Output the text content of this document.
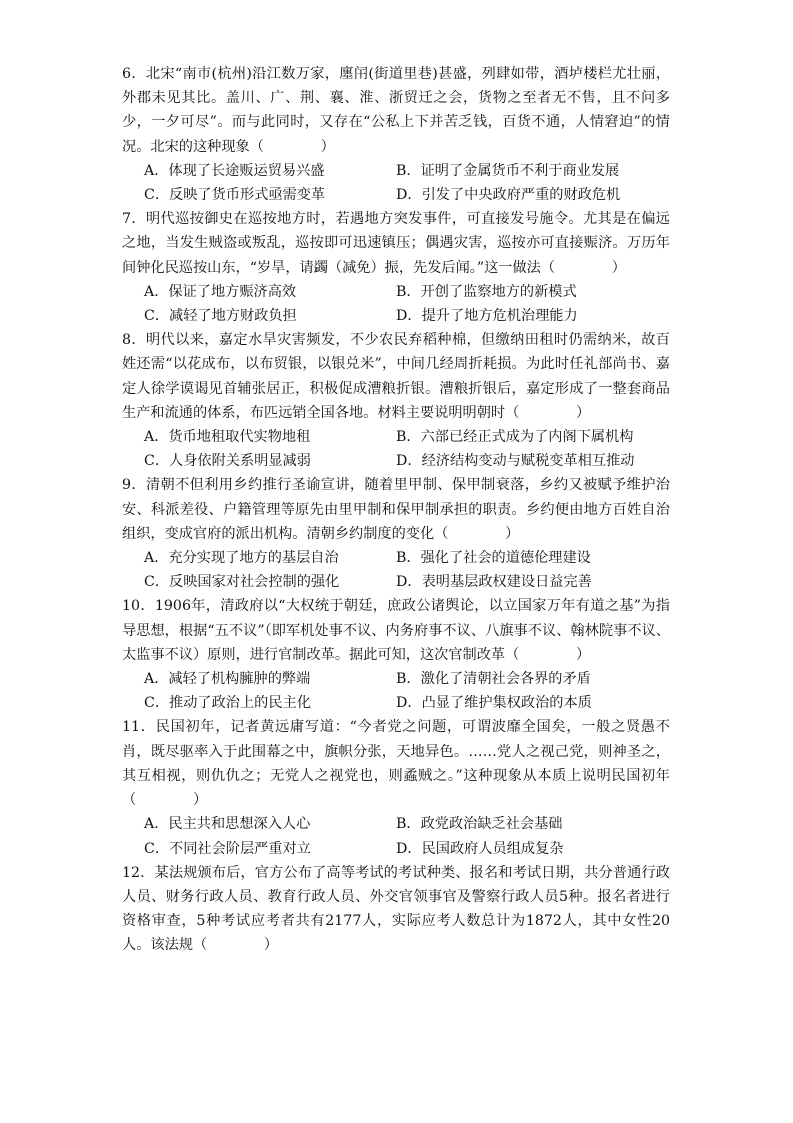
6．北宋“南市(杭州)沿江数万家，廛闬(街道里巷)甚盛，列肆如带，酒垆楼栏尤壮丽，外郡未见其比。盖川、广、荆、襄、淮、浙贸迁之会，货物之至者无不售，且不问多少，一夕可尽”。而与此同时，又存在“公私上下并苦乏钱，百货不通，人情窘迫”的情况。北宋的这种现象（　　　　）
A．体现了长途贩运贸易兴盛	B．证明了金属货币不利于商业发展
C．反映了货币形式亟需变革	D．引发了中央政府严重的财政危机
7．明代巡按御史在巡按地方时，若遇地方突发事件，可直接发号施令。尤其是在偏远之地，当发生贼盗或叛乱，巡按即可迅速镇压；偶遇灾害，巡按亦可直接赈济。万历年间钟化民巡按山东，“岁旱，请蠲（减免）振，先发后闻。”这一做法（　　　　）
A．保证了地方赈济高效	B．开创了监察地方的新模式
C．减轻了地方财政负担	D．提升了地方危机治理能力
8．明代以来，嘉定水旱灾害频发，不少农民弃稻种棉，但缴纳田租时仍需纳米，故百姓还需“以花成布，以布贸银，以银兑米”，中间几经周折耗损。为此时任礼部尚书、嘉定人徐学谟谒见首辅张居正，积极促成漕粮折银。漕粮折银后，嘉定形成了一整套商品生产和流通的体系，布匹远销全国各地。材料主要说明明朝时（　　　　）
A．货币地租取代实物地租	B．六部已经正式成为了内阁下属机构
C．人身依附关系明显减弱	D．经济结构变动与赋税变革相互推动
9．清朝不但利用乡约推行圣谕宣讲，随着里甲制、保甲制衰落，乡约又被赋予维护治安、科派差役、户籍管理等原先由里甲制和保甲制承担的职责。乡约便由地方百姓自治组织，变成官府的派出机构。清朝乡约制度的变化（　　　　）
A．充分实现了地方的基层自治	B．强化了社会的道德伦理建设
C．反映国家对社会控制的强化	D．表明基层政权建设日益完善
10．1906年，清政府以“大权统于朝廷，庶政公诸舆论，以立国家万年有道之基”为指导思想，根据“五不议”（即军机处事不议、内务府事不议、八旗事不议、翰林院事不议、太监事不议）原则，进行官制改革。据此可知，这次官制改革（　　　　）
A．减轻了机构臃肿的弊端	B．激化了清朝社会各界的矛盾
C．推动了政治上的民主化	D．凸显了维护集权政治的本质
11．民国初年，记者黄远庸写道：“今者党之问题，可谓波靡全国矣，一般之贤愚不肖，既尽驱率入于此围幕之中，旗帜分张，天地异色。……党人之视己党，则神圣之，其互相视，则仇仇之；无党人之视党也，则蟊贼之。”这种现象从本质上说明民国初年（　　　　）
A．民主共和思想深入人心	B．政党政治缺乏社会基础
C．不同社会阶层严重对立	D．民国政府人员组成复杂
12．某法规颁布后，官方公布了高等考试的考试种类、报名和考试日期，共分普通行政人员、财务行政人员、教育行政人员、外交官领事官及警察行政人员5种。报名者进行资格审查，5种考试应考者共有2177人，实际应考人数总计为1872人，其中女性20人。该法规（　　　　）
